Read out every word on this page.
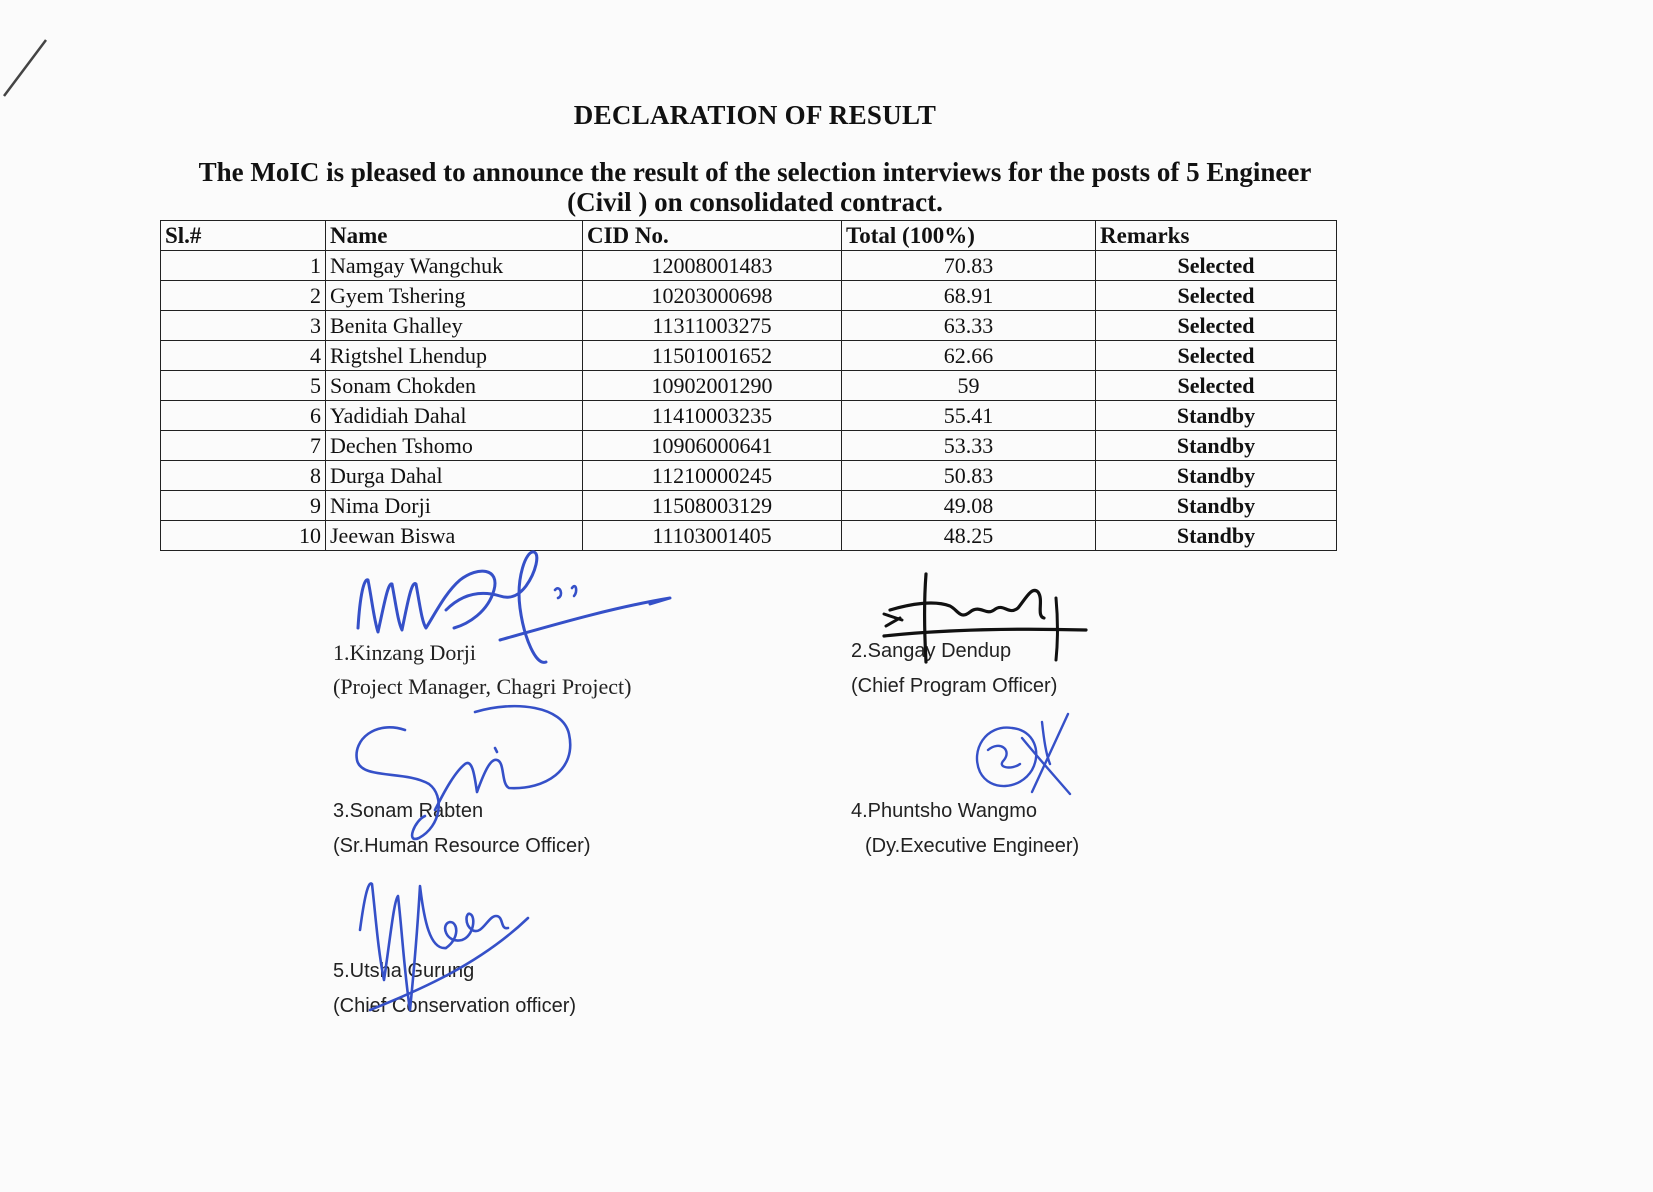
DECLARATION OF RESULT
The MoIC is pleased to announce the result of the selection interviews for the posts of 5 Engineer (Civil ) on consolidated contract.
Sl.#	Name	CID No.	Total (100%)	Remarks
1	Namgay Wangchuk	12008001483	70.83	Selected
2	Gyem Tshering	10203000698	68.91	Selected
3	Benita Ghalley	11311003275	63.33	Selected
4	Rigtshel Lhendup	11501001652	62.66	Selected
5	Sonam Chokden	10902001290	59	Selected
6	Yadidiah Dahal	11410003235	55.41	Standby
7	Dechen Tshomo	10906000641	53.33	Standby
8	Durga Dahal	11210000245	50.83	Standby
9	Nima Dorji	11508003129	49.08	Standby
10	Jeewan Biswa	11103001405	48.25	Standby
1.Kinzang Dorji
(Project Manager, Chagri Project)
2.Sangay Dendup
(Chief Program Officer)
3.Sonam Rabten
(Sr.Human Resource Officer)
4.Phuntsho Wangmo
(Dy.Executive Engineer)
5.Utsha Gurung
(Chief Conservation officer)
